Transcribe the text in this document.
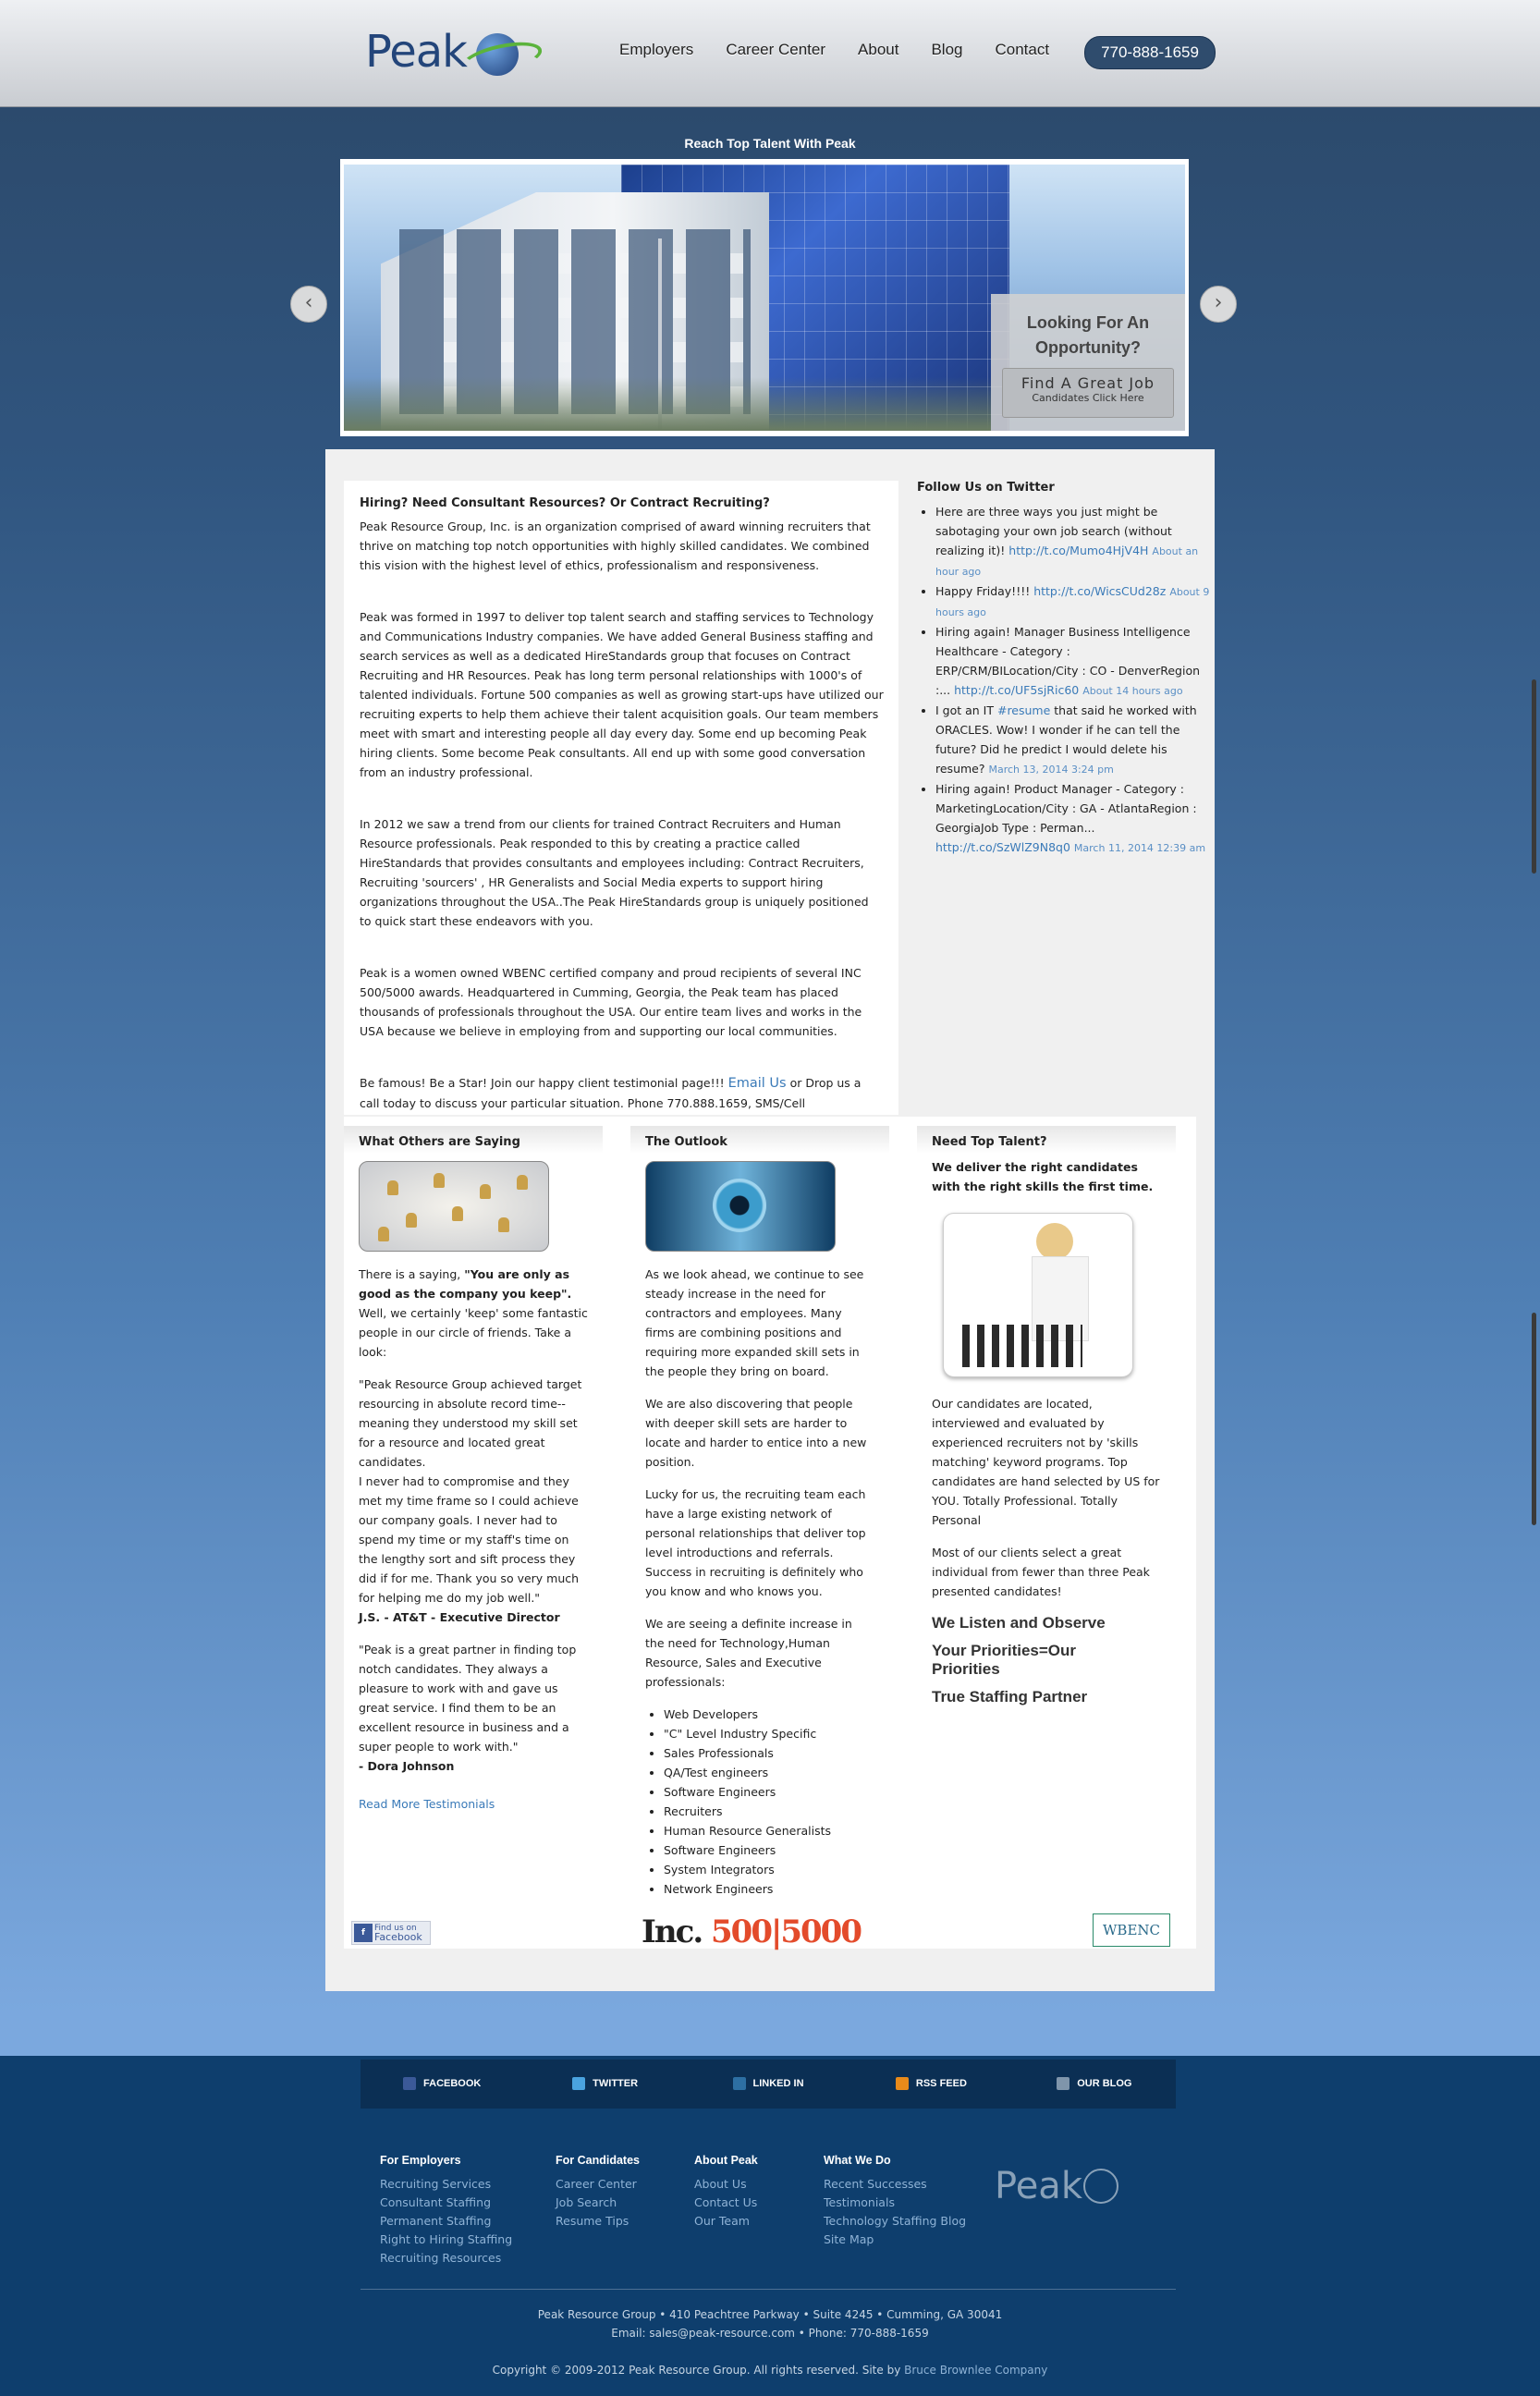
Peak	Employers Career Center About Blog Contact	770-888-1659
Reach Top Talent With Peak
Looking For An Opportunity?
Find A Great Job
Candidates Click Here
‹	›
Hiring? Need Consultant Resources? Or Contract Recruiting?

Peak Resource Group, Inc. is an organization comprised of award winning recruiters that thrive on matching top notch opportunities with highly skilled candidates. We combined this vision with the highest level of ethics, professionalism and responsiveness.

Peak was formed in 1997 to deliver top talent search and staffing services to Technology and Communications Industry companies. We have added General Business staffing and search services as well as a dedicated HireStandards group that focuses on Contract Recruiting and HR Resources. Peak has long term personal relationships with 1000's of talented individuals. Fortune 500 companies as well as growing start-ups have utilized our recruiting experts to help them achieve their talent acquisition goals. Our team members meet with smart and interesting people all day every day. Some end up becoming Peak hiring clients. Some become Peak consultants. All end up with some good conversation from an industry professional.

In 2012 we saw a trend from our clients for trained Contract Recruiters and Human Resource professionals. Peak responded to this by creating a practice called HireStandards that provides consultants and employees including: Contract Recruiters, Recruiting 'sourcers' , HR Generalists and Social Media experts to support hiring organizations throughout the USA..The Peak HireStandards group is uniquely positioned to quick start these endeavors with you.

Peak is a women owned WBENC certified company and proud recipients of several INC 500/5000 awards. Headquartered in Cumming, Georgia, the Peak team has placed thousands of professionals throughout the USA. Our entire team lives and works in the USA because we believe in employing from and supporting our local communities.

Be famous! Be a Star! Join our happy client testimonial page!!! Email Us or Drop us a call today to discuss your particular situation. Phone 770.888.1659, SMS/Cell

Follow Us on Twitter
• Here are three ways you just might be sabotaging your own job search (without realizing it)! http://t.co/Mumo4HjV4H About an hour ago
• Happy Friday!!!! http://t.co/WicsCUd28z About 9 hours ago
• Hiring again! Manager Business Intelligence Healthcare - Category : ERP/CRM/BILocation/City : CO - DenverRegion :... http://t.co/UF5sjRic60 About 14 hours ago
• I got an IT #resume that said he worked with ORACLES. Wow! I wonder if he can tell the future? Did he predict I would delete his resume? March 13, 2014 3:24 pm
• Hiring again! Product Manager - Category : MarketingLocation/City : GA - AtlantaRegion : GeorgiaJob Type : Perman... http://t.co/SzWlZ9N8q0 March 11, 2014 12:39 am
What Others are Saying

There is a saying, "You are only as good as the company you keep". Well, we certainly 'keep' some fantastic people in our circle of friends. Take a look:

"Peak Resource Group achieved target resourcing in absolute record time--meaning they understood my skill set for a resource and located great candidates.
I never had to compromise and they met my time frame so I could achieve our company goals. I never had to spend my time or my staff's time on the lengthy sort and sift process they did if for me. Thank you so very much for helping me do my job well."
J.S. - AT&T - Executive Director

"Peak is a great partner in finding top notch candidates. They always a pleasure to work with and gave us great service. I find them to be an excellent resource in business and a super people to work with."
- Dora Johnson

Read More Testimonials

The Outlook

As we look ahead, we continue to see steady increase in the need for contractors and employees. Many firms are combining positions and requiring more expanded skill sets in the people they bring on board.

We are also discovering that people with deeper skill sets are harder to locate and harder to entice into a new position.

Lucky for us, the recruiting team each have a large existing network of personal relationships that deliver top level introductions and referrals. Success in recruiting is definitely who you know and who knows you.

We are seeing a definite increase in the need for Technology,Human Resource, Sales and Executive professionals:

• Web Developers
• "C" Level Industry Specific
• Sales Professionals
• QA/Test engineers
• Software Engineers
• Recruiters
• Human Resource Generalists
• Software Engineers
• System Integrators
• Network Engineers
Need Top Talent?

We deliver the right candidates with the right skills the first time.

Our candidates are located, interviewed and evaluated by experienced recruiters not by 'skills matching' keyword programs. Top candidates are hand selected by US for YOU. Totally Professional. Totally Personal

Most of our clients select a great individual from fewer than three Peak presented candidates!

We Listen and Observe
Your Priorities=Our Priorities
True Staffing Partner
fFind us on
Facebook	Inc. 500|5000	WBENC
FACEBOOK	TWITTER	LINKED IN	RSS FEED	OUR BLOG
For Employers
Recruiting Services
Consultant Staffing
Permanent Staffing
Right to Hiring Staffing
Recruiting Resources
For Candidates
Career Center
Job Search
Resume Tips
About Peak
About Us
Contact Us
Our Team
What We Do
Recent Successes
Testimonials
Technology Staffing Blog
Site Map
Peak
Peak Resource Group • 410 Peachtree Parkway • Suite 4245 • Cumming, GA 30041
Email: sales@peak-resource.com • Phone: 770-888-1659
Copyright © 2009-2012 Peak Resource Group. All rights reserved. Site by Bruce Brownlee Company
